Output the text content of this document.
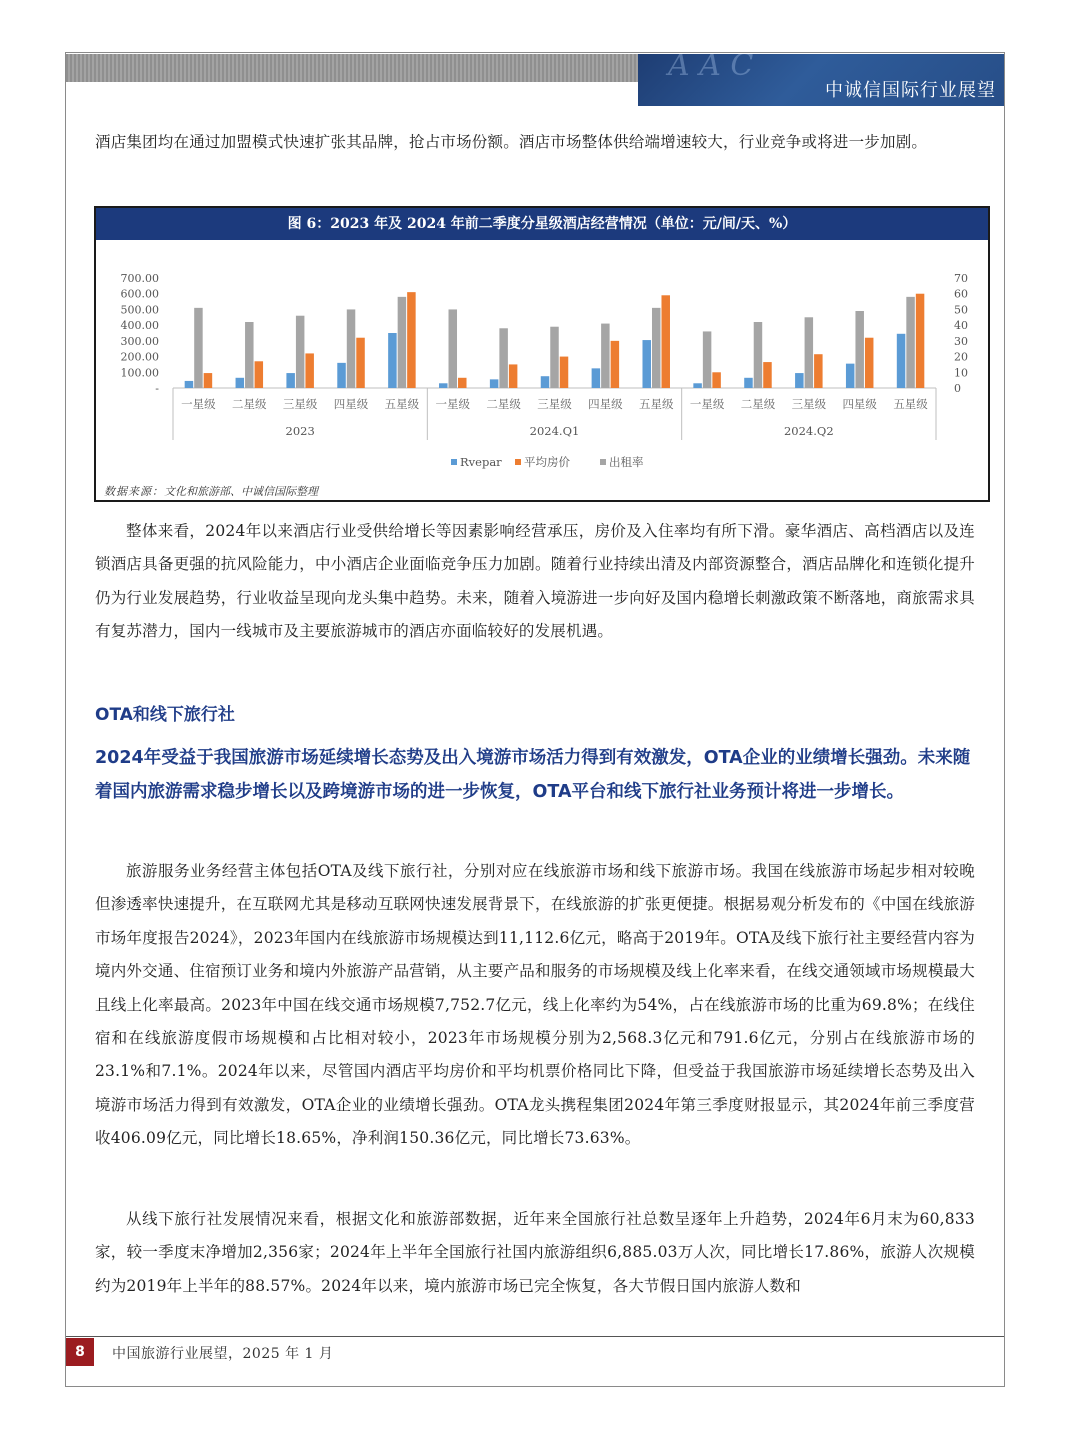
A A C
中诚信国际行业展望

酒店集团均在通过加盟模式快速扩张其品牌，抢占市场份额。酒店市场整体供给端增速较大，行业竞争或将进一步加剧。

图 6：2023 年及 2024 年前二季度分星级酒店经营情况（单位：元/间/天、%）
-
100.00
200.00
300.00
400.00
500.00
600.00
700.00
0
10
20
30
40
50
60
70
一星级 二星级 三星级 四星级 五星级
2023
一星级 二星级 三星级 四星级 五星级
2024.Q1
一星级 二星级 三星级 四星级 五星级
2024.Q2
Rvepar 平均房价	出租率
数据来源：文化和旅游部、中诚信国际整理

整体来看，2024年以来酒店行业受供给增长等因素影响经营承压，房价及入住率均有所下滑。豪华酒店、高档酒店以及连锁酒店具备更强的抗风险能力，中小酒店企业面临竞争压力加剧。随着行业持续出清及内部资源整合，酒店品牌化和连锁化提升仍为行业发展趋势，行业收益呈现向龙头集中趋势。未来，随着入境游进一步向好及国内稳增长刺激政策不断落地，商旅需求具有复苏潜力，国内一线城市及主要旅游城市的酒店亦面临较好的发展机遇。

OTA和线下旅行社

2024年受益于我国旅游市场延续增长态势及出入境游市场活力得到有效激发，OTA企业的业绩增长强劲。未来随着国内旅游需求稳步增长以及跨境游市场的进一步恢复，OTA平台和线下旅行社业务预计将进一步增长。

旅游服务业务经营主体包括OTA及线下旅行社，分别对应在线旅游市场和线下旅游市场。我国在线旅游市场起步相对较晚但渗透率快速提升，在互联网尤其是移动互联网快速发展背景下，在线旅游的扩张更便捷。根据易观分析发布的《中国在线旅游市场年度报告2024》，2023年国内在线旅游市场规模达到11,112.6亿元，略高于2019年。OTA及线下旅行社主要经营内容为境内外交通、住宿预订业务和境内外旅游产品营销，从主要产品和服务的市场规模及线上化率来看，在线交通领域市场规模最大且线上化率最高。2023年中国在线交通市场规模7,752.7亿元，线上化率约为54%，占在线旅游市场的比重为69.8%；在线住宿和在线旅游度假市场规模和占比相对较小，2023年市场规模分别为2,568.3亿元和791.6亿元，分别占在线旅游市场的23.1%和7.1%。2024年以来，尽管国内酒店平均房价和平均机票价格同比下降，但受益于我国旅游市场延续增长态势及出入境游市场活力得到有效激发，OTA企业的业绩增长强劲。OTA龙头携程集团2024年第三季度财报显示，其2024年前三季度营收406.09亿元，同比增长18.65%，净利润150.36亿元，同比增长73.63%。

从线下旅行社发展情况来看，根据文化和旅游部数据，近年来全国旅行社总数呈逐年上升趋势，2024年6月末为60,833家，较一季度末净增加2,356家；2024年上半年全国旅行社国内旅游组织6,885.03万人次，同比增长17.86%，旅游人次规模约为2019年上半年的88.57%。2024年以来，境内旅游市场已完全恢复，各大节假日国内旅游人数和

8	中国旅游行业展望，2025 年 1 月
